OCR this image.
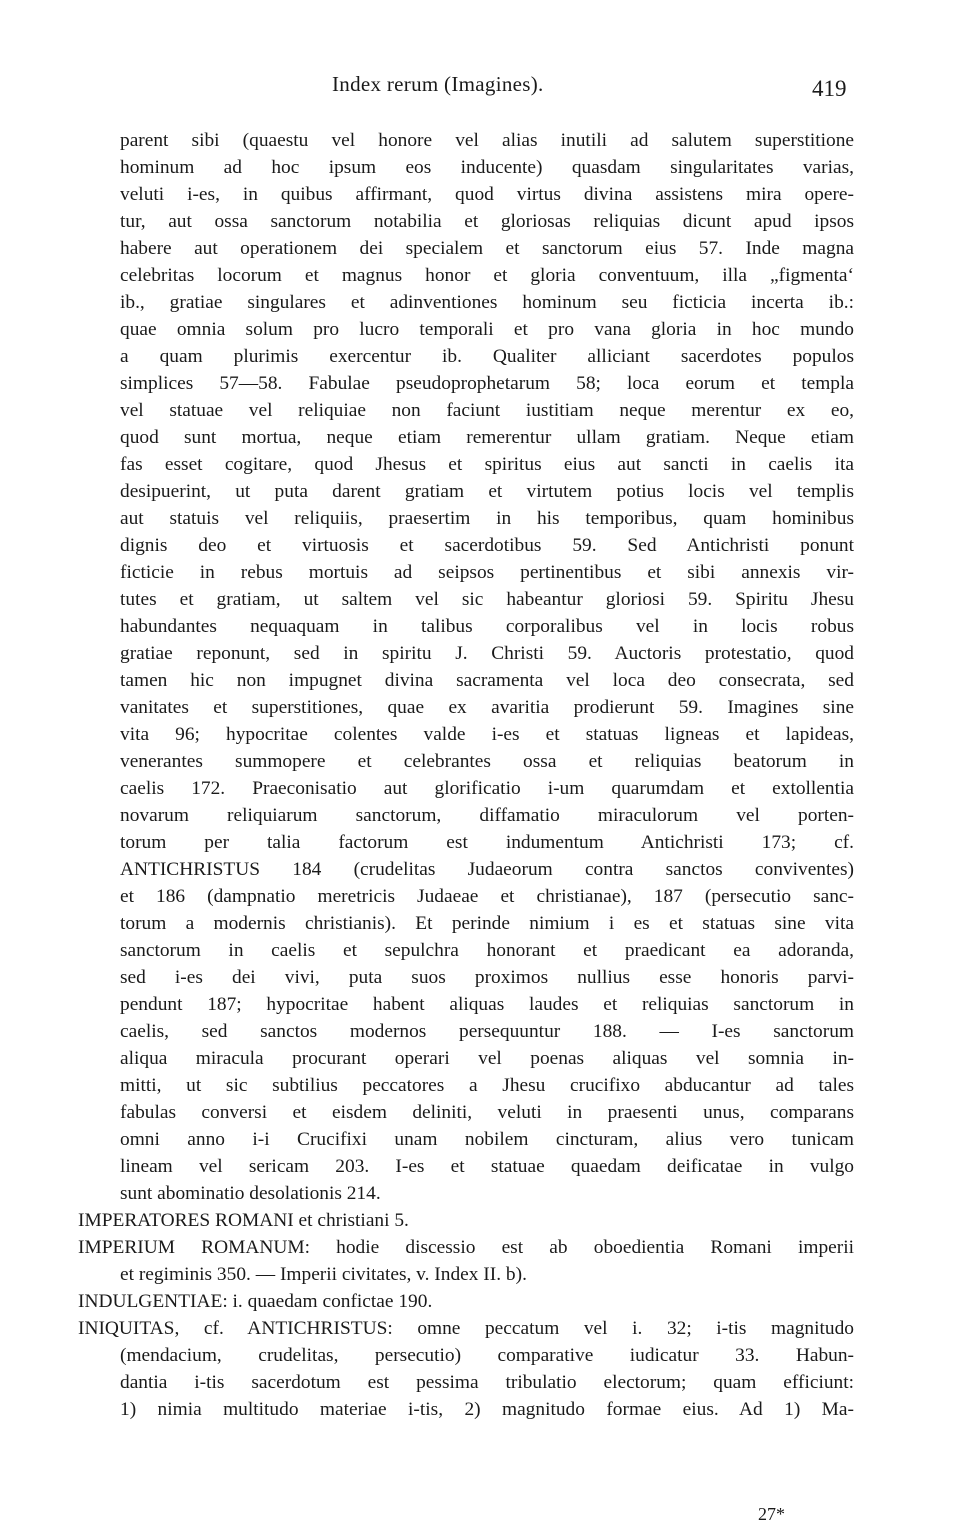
Index rerum (Imagines).	419
parent sibi (quaestu vel honore vel alias inutili ad salutem superstitione
hominum ad hoc ipsum eos inducente) quasdam singularitates varias,
veluti i-es, in quibus affirmant, quod virtus divina assistens mira opere-
tur, aut ossa sanctorum notabilia et gloriosas reliquias dicunt apud ipsos
habere aut operationem dei specialem et sanctorum eius 57. Inde magna
celebritas locorum et magnus honor et gloria conventuum, illa „figmenta‘
ib., gratiae singulares et adinventiones hominum seu ficticia incerta ib.:
quae omnia solum pro lucro temporali et pro vana gloria in hoc mundo
a quam plurimis exercentur ib. Qualiter alliciant sacerdotes populos
simplices 57—58. Fabulae pseudoprophetarum 58; loca eorum et templa
vel statuae vel reliquiae non faciunt iustitiam neque merentur ex eo,
quod sunt mortua, neque etiam remerentur ullam gratiam. Neque etiam
fas esset cogitare, quod Jhesus et spiritus eius aut sancti in caelis ita
desipuerint, ut puta darent gratiam et virtutem potius locis vel templis
aut statuis vel reliquiis, praesertim in his temporibus, quam hominibus
dignis deo et virtuosis et sacerdotibus 59. Sed Antichristi ponunt
ficticie in rebus mortuis ad seipsos pertinentibus et sibi annexis vir-
tutes et gratiam, ut saltem vel sic habeantur gloriosi 59. Spiritu Jhesu
habundantes nequaquam in talibus corporalibus vel in locis robus
gratiae reponunt, sed in spiritu J. Christi 59. Auctoris protestatio, quod
tamen hic non impugnet divina sacramenta vel loca deo consecrata, sed
vanitates et superstitiones, quae ex avaritia prodierunt 59. Imagines sine
vita 96; hypocritae colentes valde i-es et statuas ligneas et lapideas,
venerantes summopere et celebrantes ossa et reliquias beatorum in
caelis 172. Praeconisatio aut glorificatio i-um quarumdam et extollentia
novarum reliquiarum sanctorum, diffamatio miraculorum vel porten-
torum per talia factorum est indumentum Antichristi 173; cf.
ANTICHRISTUS 184 (crudelitas Judaeorum contra sanctos conviventes)
et 186 (dampnatio meretricis Judaeae et christianae), 187 (persecutio sanc-
torum a modernis christianis). Et perinde nimium i es et statuas sine vita
sanctorum in caelis et sepulchra honorant et praedicant ea adoranda,
sed i-es dei vivi, puta suos proximos nullius esse honoris parvi-
pendunt 187; hypocritae habent aliquas laudes et reliquias sanctorum in
caelis, sed sanctos modernos persequuntur 188. — I-es sanctorum
aliqua miracula procurant operari vel poenas aliquas vel somnia in-
mitti, ut sic subtilius peccatores a Jhesu crucifixo abducantur ad tales
fabulas conversi et eisdem deliniti, veluti in praesenti unus, comparans
omni anno i-i Crucifixi unam nobilem cincturam, alius vero tunicam
lineam vel sericam 203. I-es et statuae quaedam deificatae in vulgo
sunt abominatio desolationis 214.
IMPERATORES ROMANI et christiani 5.
IMPERIUM ROMANUM: hodie discessio est ab oboedientia Romani imperii
et regiminis 350. — Imperii civitates, v. Index II. b).
INDULGENTIAE: i. quaedam confictae 190.
INIQUITAS, cf. ANTICHRISTUS: omne peccatum vel i. 32; i-tis magnitudo
(mendacium, crudelitas, persecutio) comparative iudicatur 33. Habun-
dantia i-tis sacerdotum est pessima tribulatio electorum; quam efficiunt:
1) nimia multitudo materiae i-tis, 2) magnitudo formae eius. Ad 1) Ma-
27*
